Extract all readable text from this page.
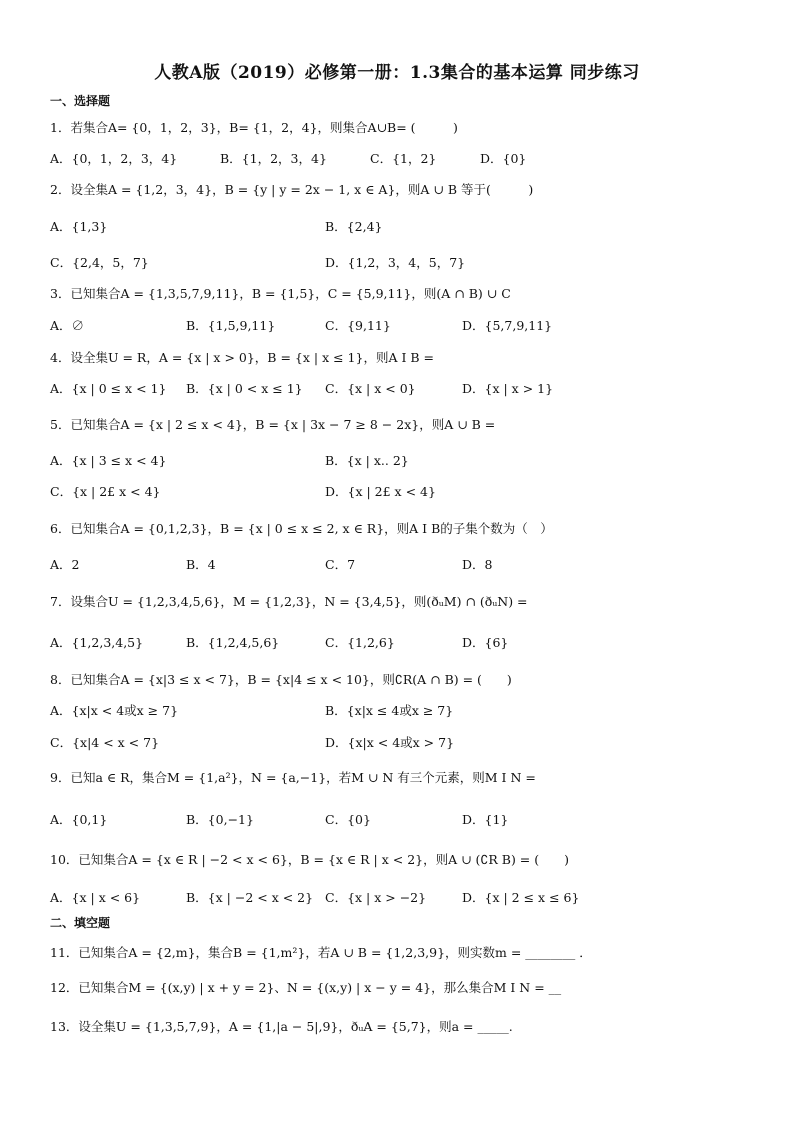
人教A版（2019）必修第一册：1.3集合的基本运算 同步练习
一、选择题
1．若集合A= {0，1，2，3}，B= {1，2，4}，则集合A∪B= (　　　)
A．{0，1，2，3，4}	B．{1，2，3，4}	C．{1，2}	D．{0}
2．设全集A = {1,2，3，4}，B = {y | y = 2x − 1, x ∈ A}，则A ∪ B 等于(　　　)
A．{1,3}	B．{2,4}
C．{2,4，5，7}	D．{1,2，3，4，5，7}
3．已知集合A = {1,3,5,7,9,11}，B = {1,5}，C = {5,9,11}，则(A ∩ B) ∪ C
A．∅	B．{1,5,9,11}	C．{9,11}	D．{5,7,9,11}
4．设全集U = R，A = {x | x > 0}，B = {x | x ≤ 1}，则A I B =
A．{x | 0 ≤ x < 1} B．{x | 0 < x ≤ 1} C．{x | x < 0}	D．{x | x > 1}
5．已知集合A = {x | 2 ≤ x < 4}，B = {x | 3x − 7 ≥ 8 − 2x}，则A ∪ B =
A．{x | 3 ≤ x < 4}	B．{x | x.. 2}
C．{x | 2£ x < 4}	D．{x | 2£ x < 4}
6．已知集合A = {0,1,2,3}，B = {x | 0 ≤ x ≤ 2, x ∈ R}，则A I B的子集个数为（　）
A．2	B．4	C．7	D．8
7．设集合U = {1,2,3,4,5,6}，M = {1,2,3}，N = {3,4,5}，则(ðᵤM) ∩ (ðᵤN) =
A．{1,2,3,4,5}	B．{1,2,4,5,6}	C．{1,2,6}	D．{6}
8．已知集合A = {x|3 ≤ x < 7}，B = {x|4 ≤ x < 10}，则∁R(A ∩ B) = (　　)
A．{x|x < 4或x ≥ 7}	B．{x|x ≤ 4或x ≥ 7}
C．{x|4 < x < 7}	D．{x|x < 4或x > 7}
9．已知a ∈ R，集合M = {1,a²}，N = {a,−1}，若M ∪ N 有三个元素，则M I N =
A．{0,1}	B．{0,−1}	C．{0}	D．{1}
10．已知集合A = {x ∈ R | −2 < x < 6}，B = {x ∈ R | x < 2}，则A ∪ (∁R B) = (　　)
A．{x | x < 6}	B．{x | −2 < x < 2} C．{x | x > −2}	D．{x | 2 ≤ x ≤ 6}
二、填空题
11．已知集合A = {2,m}，集合B = {1,m²}，若A ∪ B = {1,2,3,9}，则实数m = ________ ．
12．已知集合M = {(x,y) | x + y = 2}、N = {(x,y) | x − y = 4}，那么集合M I N = __
13．设全集U = {1,3,5,7,9}，A = {1,|a − 5|,9}，ðᵤA = {5,7}，则a = _____.
